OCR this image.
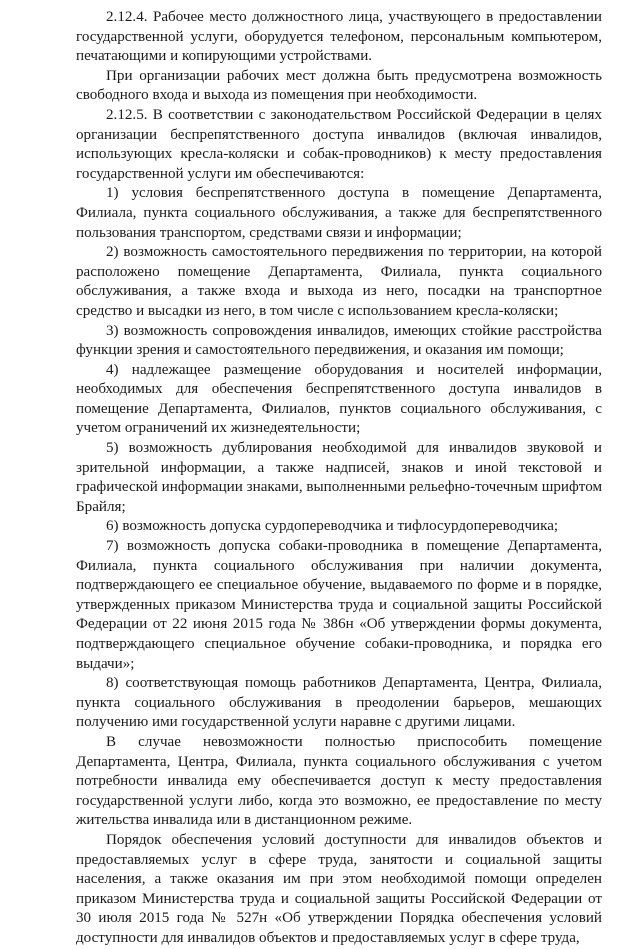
2.12.4. Рабочее место должностного лица, участвующего в предоставлении государственной услуги, оборудуется телефоном, персональным компьютером, печатающими и копирующими устройствами.

При организации рабочих мест должна быть предусмотрена возможность свободного входа и выхода из помещения при необходимости.

2.12.5. В соответствии с законодательством Российской Федерации в целях организации беспрепятственного доступа инвалидов (включая инвалидов, использующих кресла-коляски и собак-проводников) к месту предоставления государственной услуги им обеспечиваются:

1) условия беспрепятственного доступа в помещение Департамента, Филиала, пункта социального обслуживания, а также для беспрепятственного пользования транспортом, средствами связи и информации;

2) возможность самостоятельного передвижения по территории, на которой расположено помещение Департамента, Филиала, пункта социального обслуживания, а также входа и выхода из него, посадки на транспортное средство и высадки из него, в том числе с использованием кресла-коляски;

3) возможность сопровождения инвалидов, имеющих стойкие расстройства функции зрения и самостоятельного передвижения, и оказания им помощи;

4) надлежащее размещение оборудования и носителей информации, необходимых для обеспечения беспрепятственного доступа инвалидов в помещение Департамента, Филиалов, пунктов социального обслуживания, с учетом ограничений их жизнедеятельности;

5) возможность дублирования необходимой для инвалидов звуковой и зрительной информации, а также надписей, знаков и иной текстовой и графической информации знаками, выполненными рельефно-точечным шрифтом Брайля;

6) возможность допуска сурдопереводчика и тифлосурдопереводчика;

7) возможность допуска собаки-проводника в помещение Департамента, Филиала, пункта социального обслуживания при наличии документа, подтверждающего ее специальное обучение, выдаваемого по форме и в порядке, утвержденных приказом Министерства труда и социальной защиты Российской Федерации от 22 июня 2015 года № 386н «Об утверждении формы документа, подтверждающего специальное обучение собаки-проводника, и порядка его выдачи»;

8) соответствующая помощь работников Департамента, Центра, Филиала, пункта социального обслуживания в преодолении барьеров, мешающих получению ими государственной услуги наравне с другими лицами.

В случае невозможности полностью приспособить помещение Департамента, Центра, Филиала, пункта социального обслуживания с учетом потребности инвалида ему обеспечивается доступ к месту предоставления государственной услуги либо, когда это возможно, ее предоставление по месту жительства инвалида или в дистанционном режиме.

Порядок обеспечения условий доступности для инвалидов объектов и предоставляемых услуг в сфере труда, занятости и социальной защиты населения, а также оказания им при этом необходимой помощи определен приказом Министерства труда и социальной защиты Российской Федерации от 30 июля 2015 года № 527н «Об утверждении Порядка обеспечения условий доступности для инвалидов объектов и предоставляемых услуг в сфере труда,
